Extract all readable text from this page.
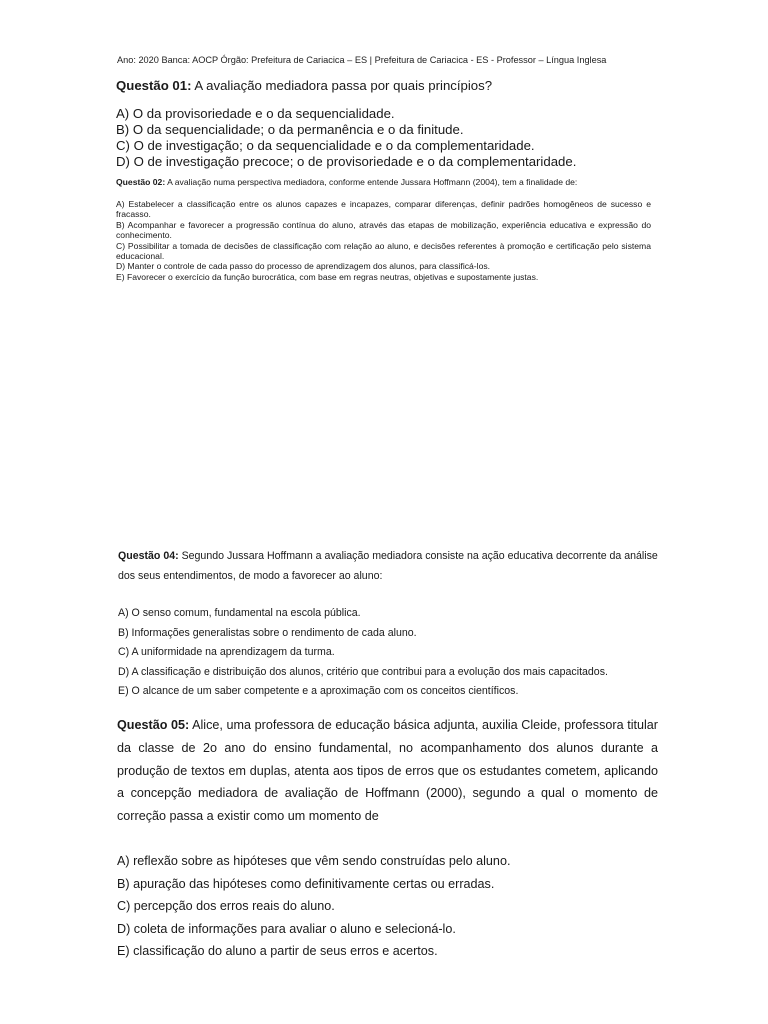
Ano: 2020 Banca: AOCP Órgão: Prefeitura de Cariacica – ES | Prefeitura de Cariacica - ES - Professor – Língua Inglesa

Questão 01: A avaliação mediadora passa por quais princípios?

A) O da provisoriedade e o da sequencialidade.
B) O da sequencialidade; o da permanência e o da finitude.
C) O de investigação; o da sequencialidade e o da complementaridade.
D) O de investigação precoce; o de provisoriedade e o da complementaridade.

Questão 02: A avaliação numa perspectiva mediadora, conforme entende Jussara Hoffmann (2004), tem a finalidade de:

A) Estabelecer a classificação entre os alunos capazes e incapazes, comparar diferenças, definir padrões homogêneos de sucesso e fracasso.
B) Acompanhar e favorecer a progressão contínua do aluno, através das etapas de mobilização, experiência educativa e expressão do conhecimento.
C) Possibilitar a tomada de decisões de classificação com relação ao aluno, e decisões referentes à promoção e certificação pelo sistema educacional.
D) Manter o controle de cada passo do processo de aprendizagem dos alunos, para classificá-los.
E) Favorecer o exercício da função burocrática, com base em regras neutras, objetivas e supostamente justas.

Questão 04: Segundo Jussara Hoffmann a avaliação mediadora consiste na ação educativa decorrente da análise dos seus entendimentos, de modo a favorecer ao aluno:

A) O senso comum, fundamental na escola pública.
B) Informações generalistas sobre o rendimento de cada aluno.
C) A uniformidade na aprendizagem da turma.
D) A classificação e distribuição dos alunos, critério que contribui para a evolução dos mais capacitados.
E) O alcance de um saber competente e a aproximação com os conceitos científicos.

Questão 05: Alice, uma professora de educação básica adjunta, auxilia Cleide, professora titular da classe de 2o ano do ensino fundamental, no acompanhamento dos alunos durante a produção de textos em duplas, atenta aos tipos de erros que os estudantes cometem, aplicando a concepção mediadora de avaliação de Hoffmann (2000), segundo a qual o momento de correção passa a existir como um momento de

A) reflexão sobre as hipóteses que vêm sendo construídas pelo aluno.
B) apuração das hipóteses como definitivamente certas ou erradas.
C) percepção dos erros reais do aluno.
D) coleta de informações para avaliar o aluno e selecioná-lo.
E) classificação do aluno a partir de seus erros e acertos.
